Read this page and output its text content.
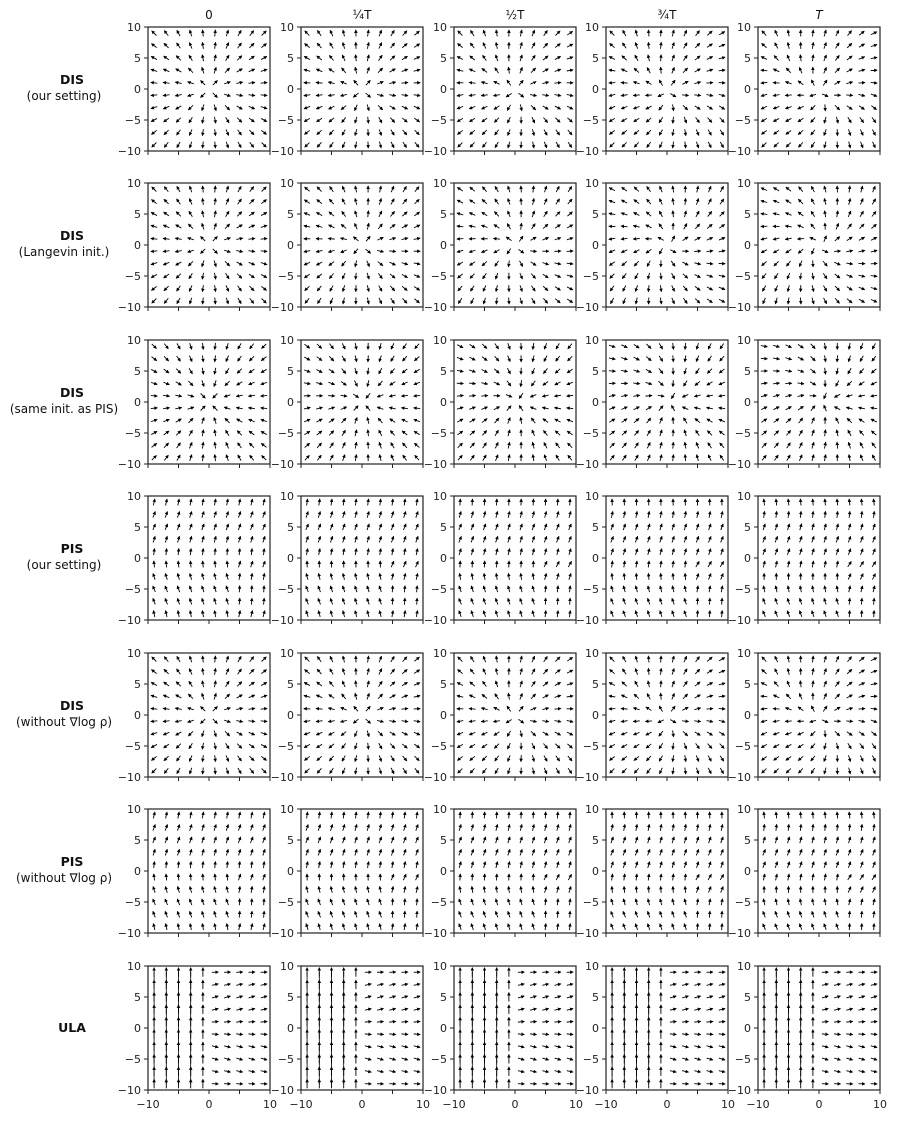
DIS
(our setting)
10
5
0
−5
−10
10
5
0
−5
−10
10
5
0
−5
−10
10
5
0
−5
−10
10
5
0
−5
−10
DIS
(Langevin init.)
10
5
0
−5
−10
10
5
0
−5
−10
10
5
0
−5
−10
10
5
0
−5
−10
10
5
0
−5
−10
DIS
(same init. as PIS)
10
5
0
−5
−10
10
5
0
−5
−10
10
5
0
−5
−10
10
5
0
−5
−10
10
5
0
−5
−10
PIS
(our setting)
10
5
0
−5
−10
10
5
0
−5
−10
10
5
0
−5
−10
10
5
0
−5
−10
10
5
0
−5
−10
DIS
(without ∇log ρ)
10
5
0
−5
−10
10
5
0
−5
−10
10
5
0
−5
−10
10
5
0
−5
−10
10
5
0
−5
−10
PIS
(without ∇log ρ)
10
5
0
−5
−10
10
5
0
−5
−10
10
5
0
−5
−10
10
5
0
−5
−10
10
5
0
−5
−10
ULA
10
5
0
−5
−10
−10	0	10
10
5
0
−5
−10
−10	0	10
10
5
0
−5
−10
−10	0	10
10
5
0
−5
−10
−10	0	10
10
5
0
−5
−10
−10	0	10
0	¼T	½T	¾T	T
